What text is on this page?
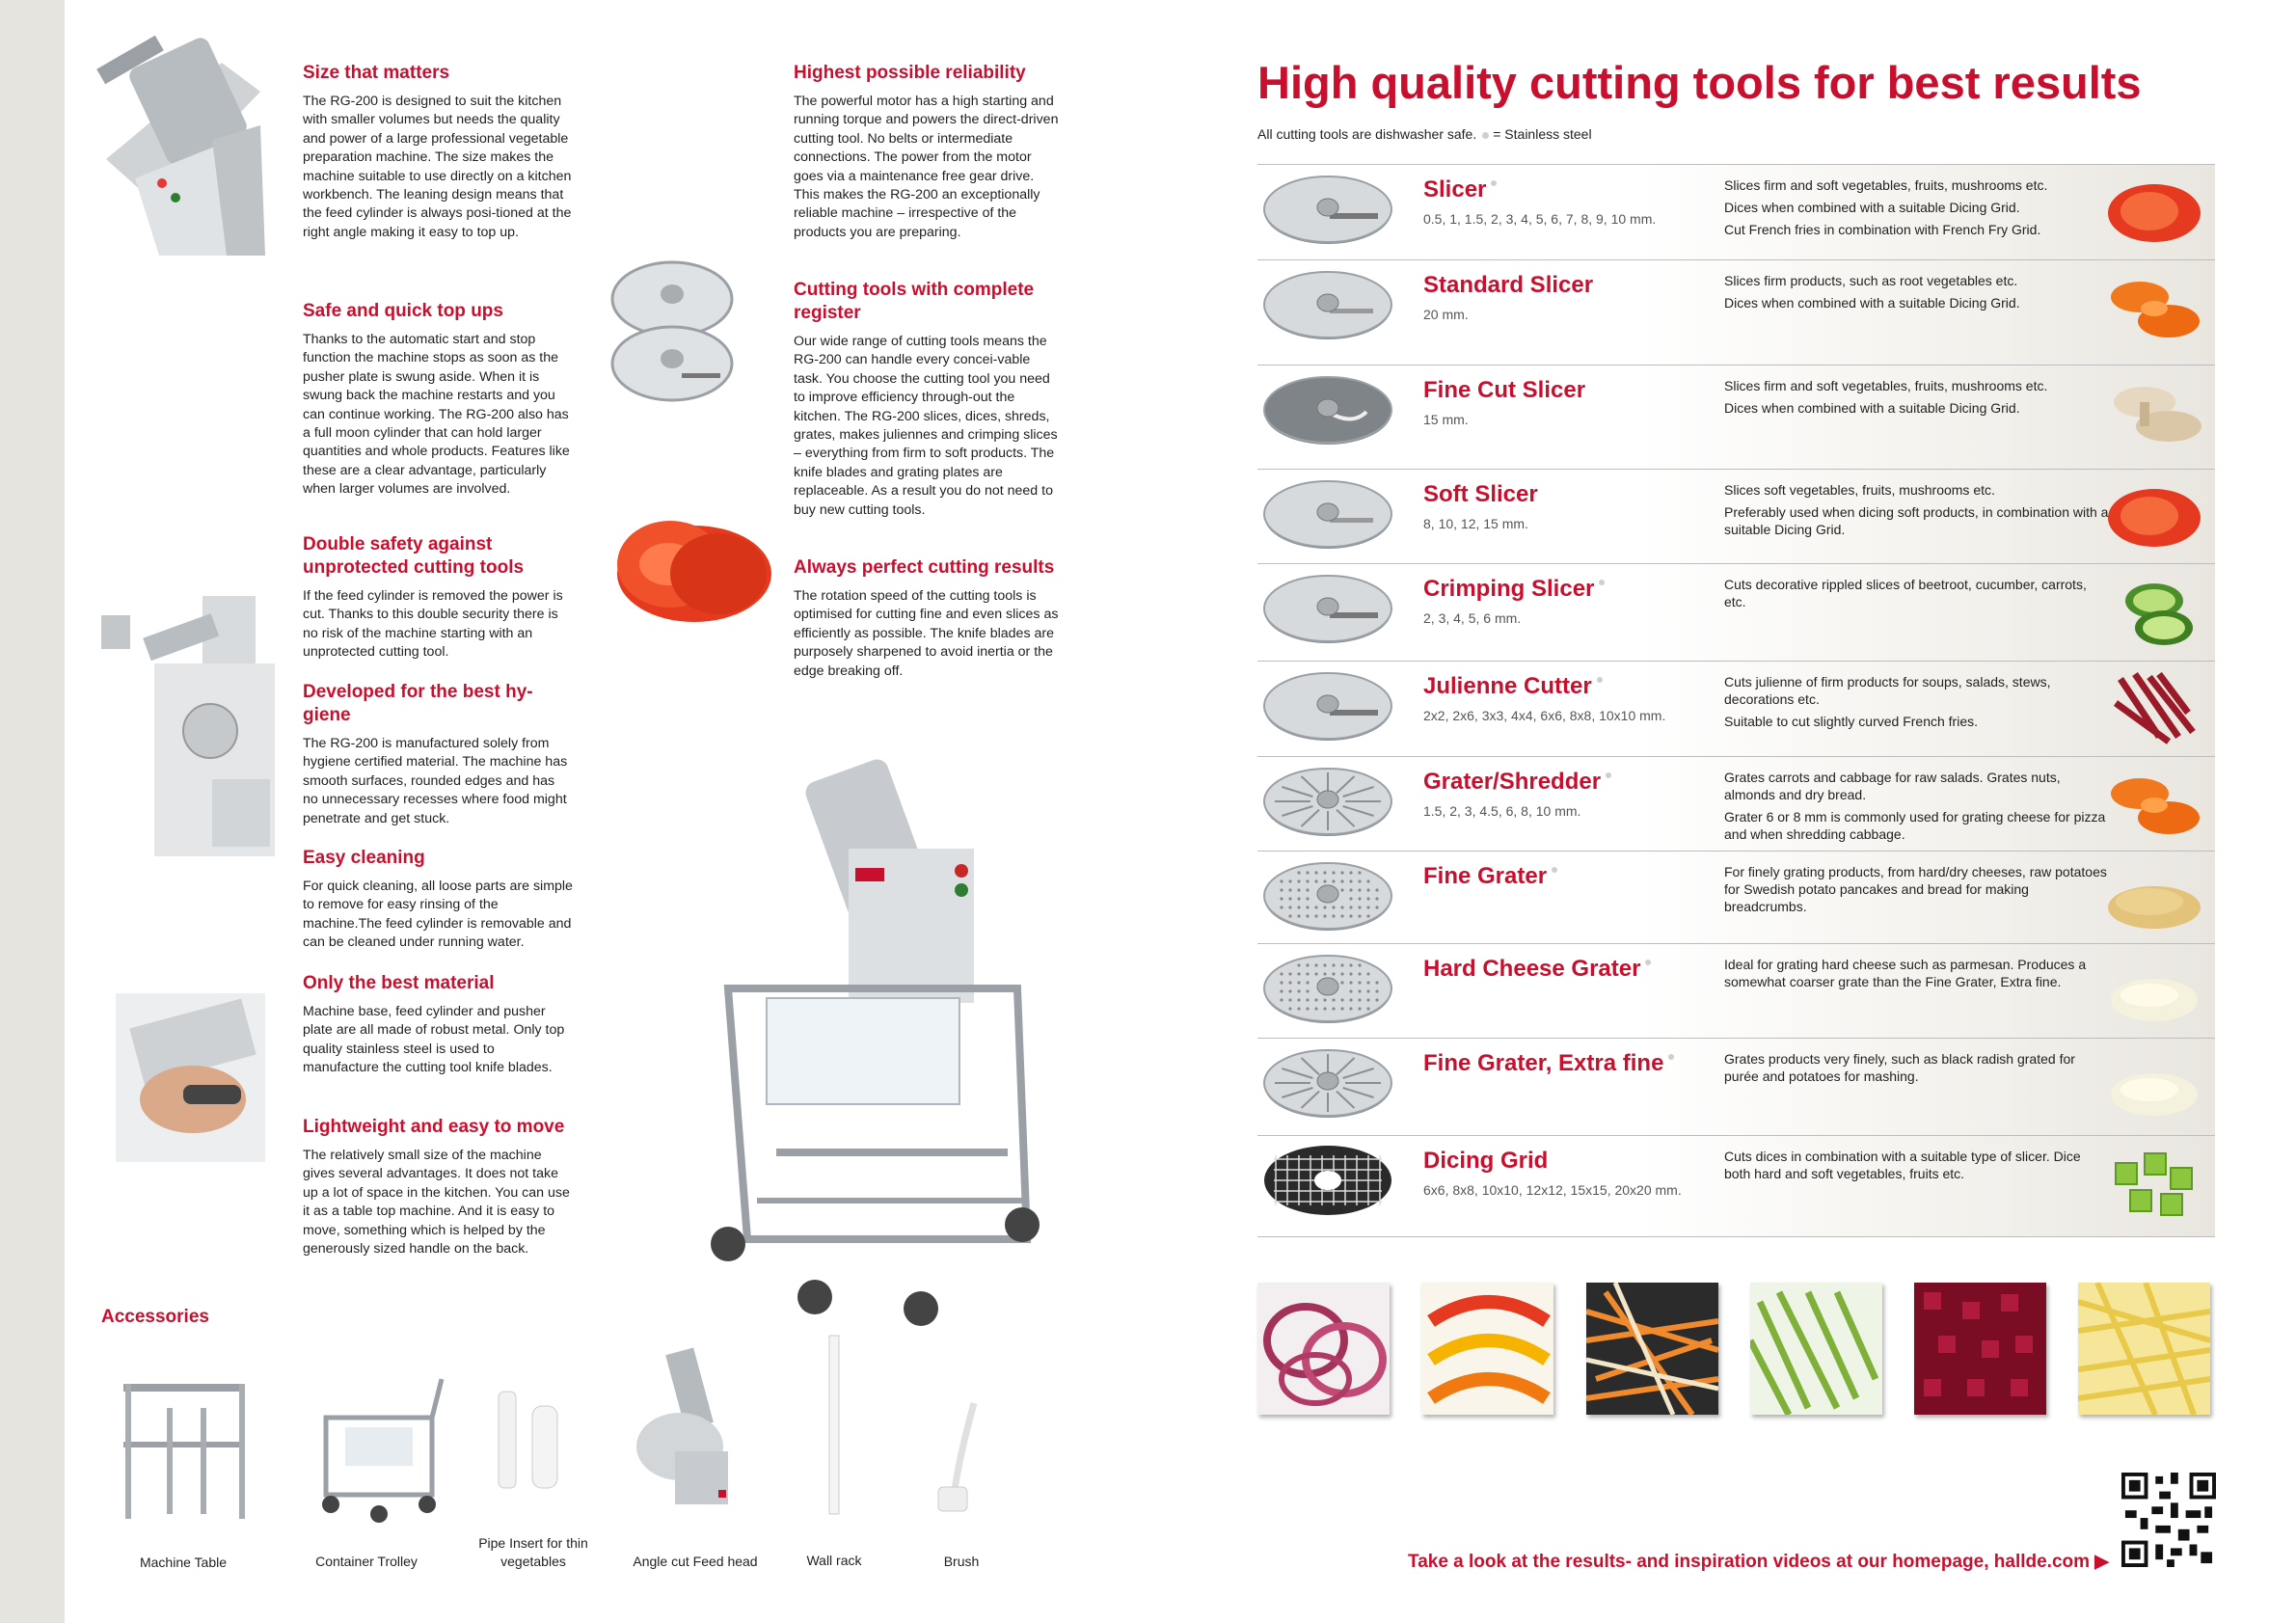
Size that matters

The RG-200 is designed to suit the kitchen with smaller volumes but needs the quality and power of a large professional vegetable preparation machine. The size makes the machine suitable to use directly on a kitchen workbench. The leaning design means that the feed cylinder is always posi-tioned at the right angle making it easy to top up.

Safe and quick top ups

Thanks to the automatic start and stop function the machine stops as soon as the pusher plate is swung aside. When it is swung back the machine restarts and you can continue working. The RG-200 also has a full moon cylinder that can hold larger quantities and whole products. Features like these are a clear advantage, particularly when larger volumes are involved.

Double safety against unprotected cutting tools

If the feed cylinder is removed the power is cut. Thanks to this double security there is no risk of the machine starting with an unprotected cutting tool.

Developed for the best hy-giene

The RG-200 is manufactured solely from hygiene certified material. The machine has smooth surfaces, rounded edges and has no unnecessary recesses where food might penetrate and get stuck.

Easy cleaning

For quick cleaning, all loose parts are simple to remove for easy rinsing of the machine.The feed cylinder is removable and can be cleaned under running water.

Only the best material

Machine base, feed cylinder and pusher plate are all made of robust metal. Only top quality stainless steel is used to manufacture the cutting tool knife blades.

Lightweight and easy to move

The relatively small size of the machine gives several advantages. It does not take up a lot of space in the kitchen. You can use it as a table top machine. And it is easy to move, something which is helped by the generously sized handle on the back.

Highest possible reliability

The powerful motor has a high starting and running torque and powers the direct-driven cutting tool. No belts or intermediate connections. The power from the motor goes via a maintenance free gear drive. This makes the RG-200 an exceptionally reliable machine – irrespective of the products you are preparing.

Cutting tools with complete register

Our wide range of cutting tools means the RG-200 can handle every concei-vable task. You choose the cutting tool you need to improve efficiency through-out the kitchen. The RG-200 slices, dices, shreds, grates, makes juliennes and crimping slices – everything from firm to soft products. The knife blades and grating plates are replaceable. As a result you do not need to buy new cutting tools.

Always perfect cutting results

The rotation speed of the cutting tools is optimised for cutting fine and even slices as efficiently as possible. The knife blades are purposely sharpened to avoid inertia or the edge breaking off.

Accessories
Machine Table	Container Trolley
Pipe Insert for thin vegetables	Angle cut Feed head	Wall rack	Brush
High quality cutting tools for best results
All cutting tools are dishwasher safe. = Stainless steel
Slicer
0.5, 1, 1.5, 2, 3, 4, 5, 6, 7, 8, 9, 10 mm.
Slices firm and soft vegetables, fruits, mushrooms etc.
Dices when combined with a suitable Dicing Grid.
Cut French fries in combination with French Fry Grid.
Standard Slicer
20 mm.
Slices firm products, such as root vegetables etc.
Dices when combined with a suitable Dicing Grid.
Fine Cut Slicer
15 mm.
Slices firm and soft vegetables, fruits, mushrooms etc.
Dices when combined with a suitable Dicing Grid.
Soft Slicer
8, 10, 12, 15 mm.
Slices soft vegetables, fruits, mushrooms etc.
Preferably used when dicing soft products, in combination with a suitable Dicing Grid.
Crimping Slicer
2, 3, 4, 5, 6 mm.
Cuts decorative rippled slices of beetroot, cucumber, carrots, etc.
Julienne Cutter
2x2, 2x6, 3x3, 4x4, 6x6, 8x8, 10x10 mm.
Cuts julienne of firm products for soups, salads, stews, decorations etc.
Suitable to cut slightly curved French fries.
Grater/Shredder
1.5, 2, 3, 4.5, 6, 8, 10 mm.
Grates carrots and cabbage for raw salads. Grates nuts, almonds and dry bread.
Grater 6 or 8 mm is commonly used for grating cheese for pizza and when shredding cabbage.
Fine Grater	For finely grating products, from hard/dry cheeses, raw potatoes for Swedish potato pancakes and bread for making breadcrumbs.
Hard Cheese Grater	Ideal for grating hard cheese such as parmesan. Produces a somewhat coarser grate than the Fine Grater, Extra fine.
Fine Grater, Extra fine	Grates products very finely, such as black radish grated for purée and potatoes for mashing.
Dicing Grid
6x6, 8x8, 10x10, 12x12, 15x15, 20x20 mm.
Cuts dices in combination with a suitable type of slicer. Dice both hard and soft vegetables, fruits etc.
Take a look at the results- and inspiration videos at our homepage, hallde.com ▶
